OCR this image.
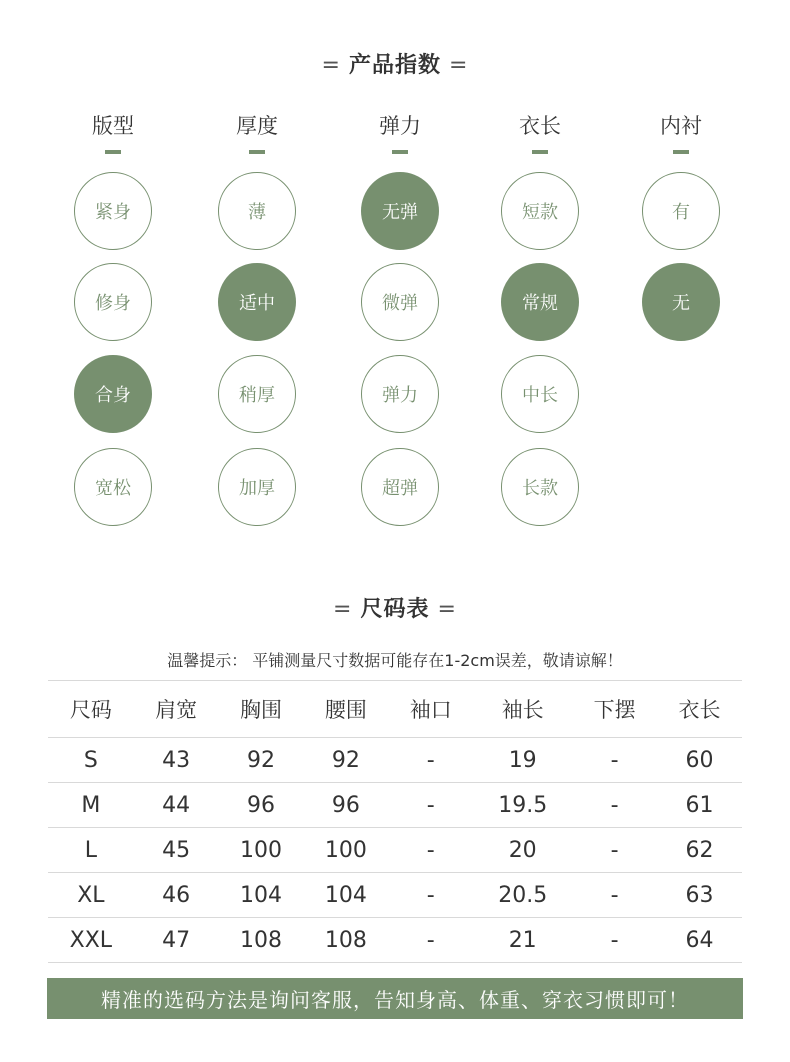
= 产品指数 =
版型
紧身
修身
合身
宽松
厚度
薄
适中
稍厚
加厚
弹力
无弹
微弹
弹力
超弹
衣长
短款
常规
中长
长款
内衬
有
无
= 尺码表 =
温馨提示： 平铺测量尺寸数据可能存在1-2cm误差，敬请谅解！
尺码	肩宽	胸围	腰围	袖口	袖长	下摆	衣长
S	43	92	92	-	19	-	60
M	44	96	96	-	19.5	-	61
L	45	100	100	-	20	-	62
XL	46	104	104	-	20.5	-	63
XXL	47	108	108	-	21	-	64
精准的选码方法是询问客服，告知身高、体重、穿衣习惯即可！
